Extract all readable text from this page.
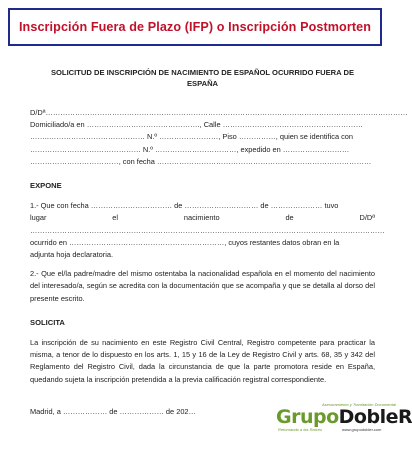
Inscripción Fuera de Plazo (IFP) o Inscripción Postmorten
SOLICITUD DE INSCRIPCIÓN DE NACIMIENTO DE ESPAÑOL OCURRIDO FUERA DE
ESPAÑA
D/Dª…………………………………………………………………………………………………………………………………
Domiciliado/a en ………………………………………., Calle …………………………………………………
……..………………………………… N.º ……………………, Piso ……………, quien se identifica con
……………………………………… N.º ……………………………, expedido en ………………………
………………………………, con fecha ……………………………………………………………………………
EXPONE
1.- Que con fecha …………………………… de ………………………… de ………………… tuvo
lugar	el	nacimiento	de	D/Dª
………………………………………………………………………………………………………………………………
ocurrido en ………………………………………………………, cuyos restantes datos obran en la
adjunta hoja declaratoria.
2.- Que el/la padre/madre del mismo ostentaba la nacionalidad española en el momento del nacimiento del interesado/a, según se acredita con la documentación que se acompaña y que se detalla al dorso del presente escrito.
SOLICITA
La inscripción de su nacimiento en este Registro Civil Central, Registro competente para practicar la misma, a tenor de lo dispuesto en los arts. 1, 15 y 16 de la Ley de Registro Civil y arts. 68, 35 y 342 del Reglamento del Registro Civil, dada la circunstancia de que la parte promotora reside en España, quedando sujeta la inscripción pretendida a la previa calificación registral correspondiente.
Madrid, a ……………… de ……………… de 202…
Asesoramiento y Tramitación Documental
GrupoDobleR
Retornando a las Raíces	www.grupodobler.com
